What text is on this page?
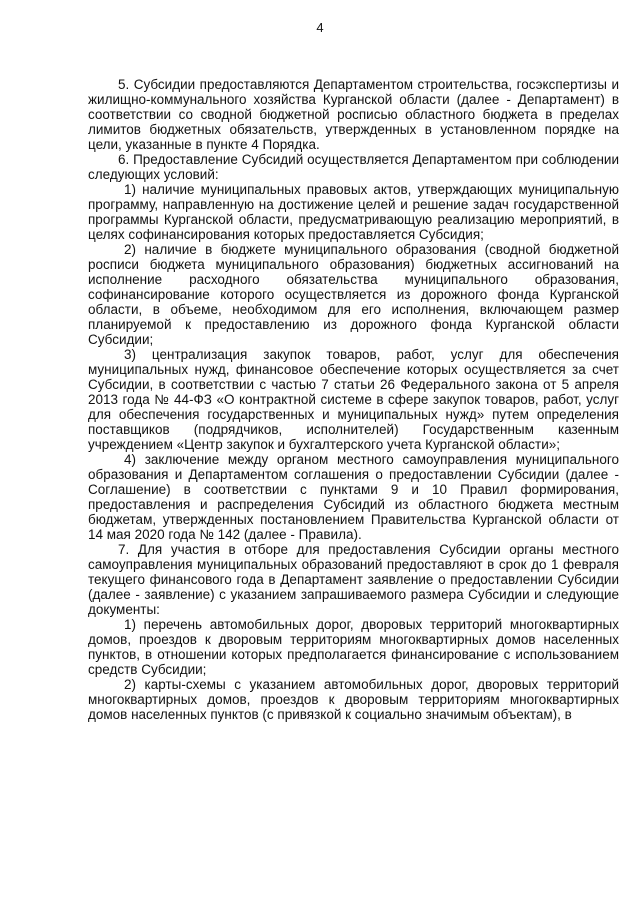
4

5. Субсидии предоставляются Департаментом строительства, госэкспертизы и жилищно-коммунального хозяйства Курганской области (далее - Департамент) в соответствии со сводной бюджетной росписью областного бюджета в пределах лимитов бюджетных обязательств, утвержденных в установленном порядке на цели, указанные в пункте 4 Порядка.

6. Предоставление Субсидий осуществляется Департаментом при соблюдении следующих условий:

1) наличие муниципальных правовых актов, утверждающих муниципальную программу, направленную на достижение целей и решение задач государственной программы Курганской области, предусматривающую реализацию мероприятий, в целях софинансирования которых предоставляется Субсидия;

2) наличие в бюджете муниципального образования (сводной бюджетной росписи бюджета муниципального образования) бюджетных ассигнований на исполнение расходного обязательства муниципального образования, софинансирование которого осуществляется из дорожного фонда Курганской области, в объеме, необходимом для его исполнения, включающем размер планируемой к предоставлению из дорожного фонда Курганской области Субсидии;

3) централизация закупок товаров, работ, услуг для обеспечения муниципальных нужд, финансовое обеспечение которых осуществляется за счет Субсидии, в соответствии с частью 7 статьи 26 Федерального закона от 5 апреля 2013 года № 44-ФЗ «О контрактной системе в сфере закупок товаров, работ, услуг для обеспечения государственных и муниципальных нужд» путем определения поставщиков (подрядчиков, исполнителей) Государственным казенным учреждением «Центр закупок и бухгалтерского учета Курганской области»;

4) заключение между органом местного самоуправления муниципального образования и Департаментом соглашения о предоставлении Субсидии (далее - Соглашение) в соответствии с пунктами 9 и 10 Правил формирования, предоставления и распределения Субсидий из областного бюджета местным бюджетам, утвержденных постановлением Правительства Курганской области от 14 мая 2020 года № 142 (далее - Правила).

7. Для участия в отборе для предоставления Субсидии органы местного самоуправления муниципальных образований предоставляют в срок до 1 февраля текущего финансового года в Департамент заявление о предоставлении Субсидии (далее - заявление) с указанием запрашиваемого размера Субсидии и следующие документы:

1) перечень автомобильных дорог, дворовых территорий многоквартирных домов, проездов к дворовым территориям многоквартирных домов населенных пунктов, в отношении которых предполагается финансирование с использованием средств Субсидии;

2) карты-схемы с указанием автомобильных дорог, дворовых территорий многоквартирных домов, проездов к дворовым территориям многоквартирных домов населенных пунктов (с привязкой к социально значимым объектам), в
